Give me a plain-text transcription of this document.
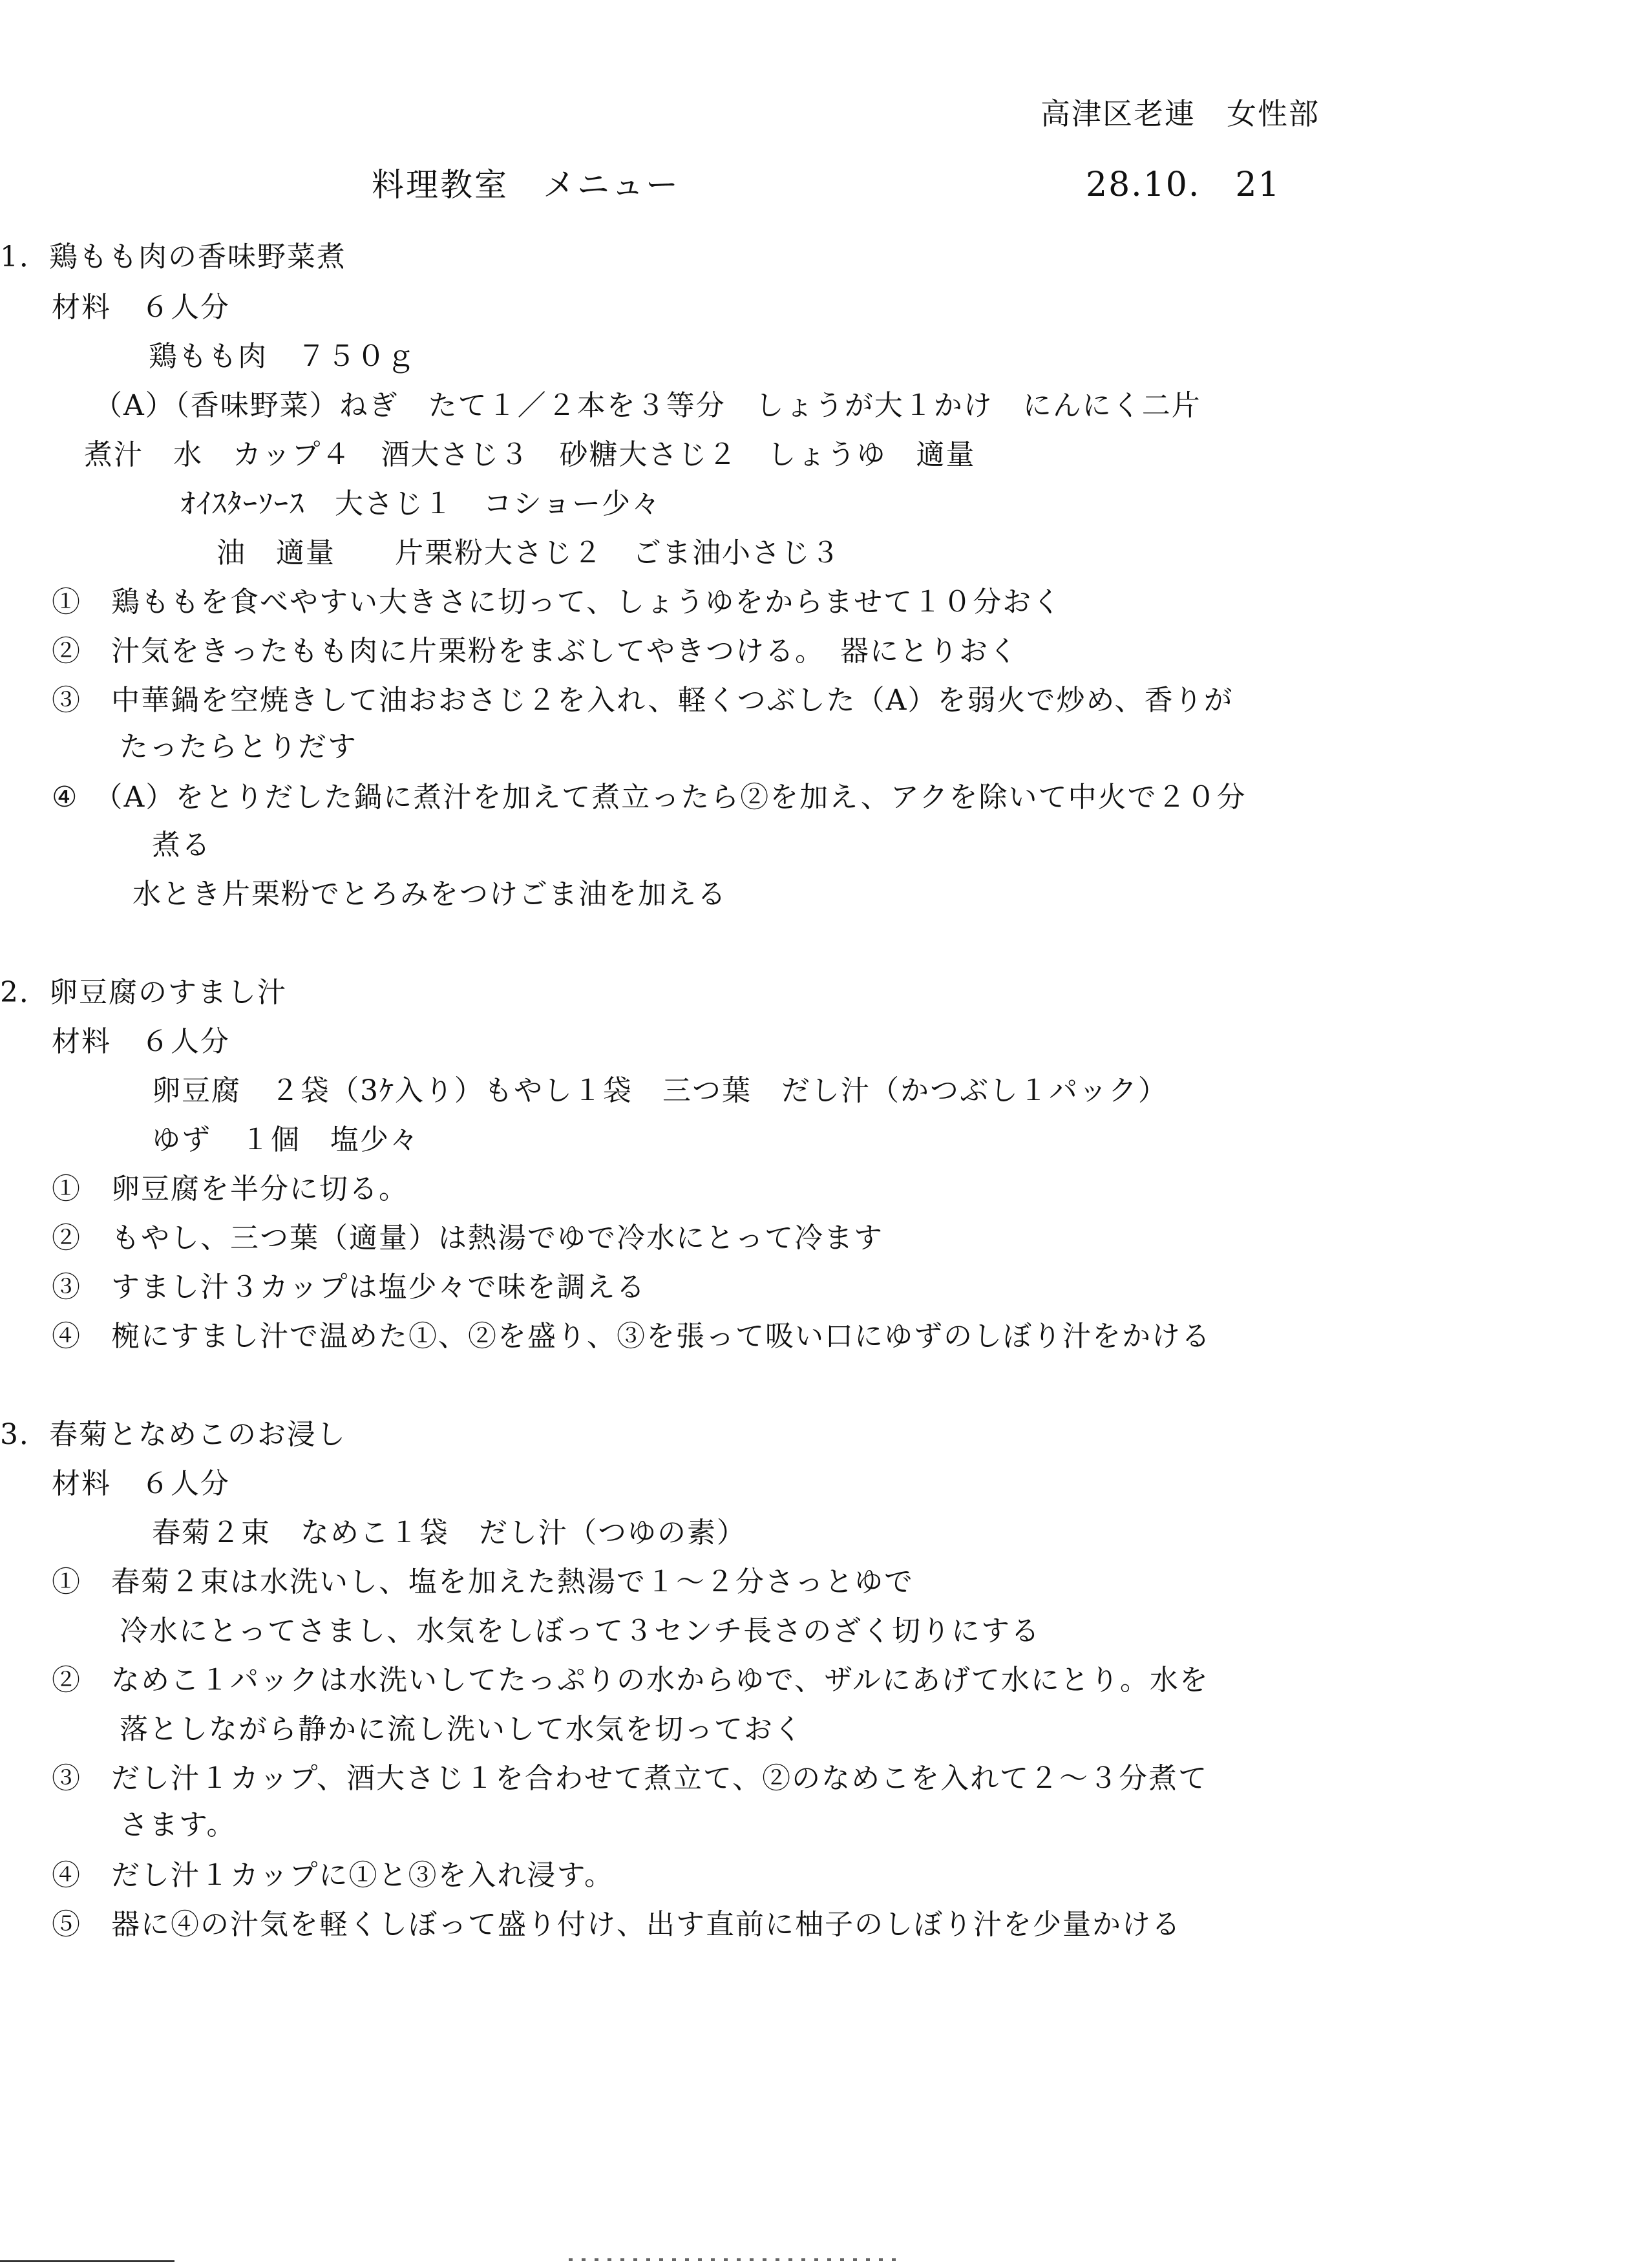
高津区老連　女性部
料理教室　メニュー	28.10.　21
1．鶏もも肉の香味野菜煮
材料　６人分
鶏もも肉　７５０ｇ
（A）（香味野菜）ねぎ　たて１／２本を３等分　しょうが大１かけ　にんにく二片
煮汁　水　カップ４　酒大さじ３　砂糖大さじ２　しょうゆ　適量
ｵｲｽﾀｰｿｰｽ　大さじ１　コショー少々
油　適量　　片栗粉大さじ２　ごま油小さじ３
①　鶏ももを食べやすい大きさに切って、しょうゆをからませて１０分おく
②　汁気をきったもも肉に片栗粉をまぶしてやきつける。　器にとりおく
③　中華鍋を空焼きして油おおさじ２を入れ、軽くつぶした（A）を弱火で炒め、香りが
たったらとりだす
④　（A）をとりだした鍋に煮汁を加えて煮立ったら②を加え、アクを除いて中火で２０分
煮る
水とき片栗粉でとろみをつけごま油を加える
2．卵豆腐のすまし汁
材料　６人分
卵豆腐　２袋（3ｹ入り）もやし１袋　三つ葉　だし汁（かつぶし１パック）
ゆず　１個　塩少々
①　卵豆腐を半分に切る。
②　もやし、三つ葉（適量）は熱湯でゆで冷水にとって冷ます
③　すまし汁３カップは塩少々で味を調える
④　椀にすまし汁で温めた①、②を盛り、③を張って吸い口にゆずのしぼり汁をかける
3．春菊となめこのお浸し
材料　６人分
春菊２束　なめこ１袋　だし汁（つゆの素）
①　春菊２束は水洗いし、塩を加えた熱湯で１～２分さっとゆで
冷水にとってさまし、水気をしぼって３センチ長さのざく切りにする
②　なめこ１パックは水洗いしてたっぷりの水からゆで、ザルにあげて水にとり。水を
落としながら静かに流し洗いして水気を切っておく
③　だし汁１カップ、酒大さじ１を合わせて煮立て、②のなめこを入れて２～３分煮て
さます。
④　だし汁１カップに①と③を入れ浸す。
⑤　器に④の汁気を軽くしぼって盛り付け、出す直前に柚子のしぼり汁を少量かける
